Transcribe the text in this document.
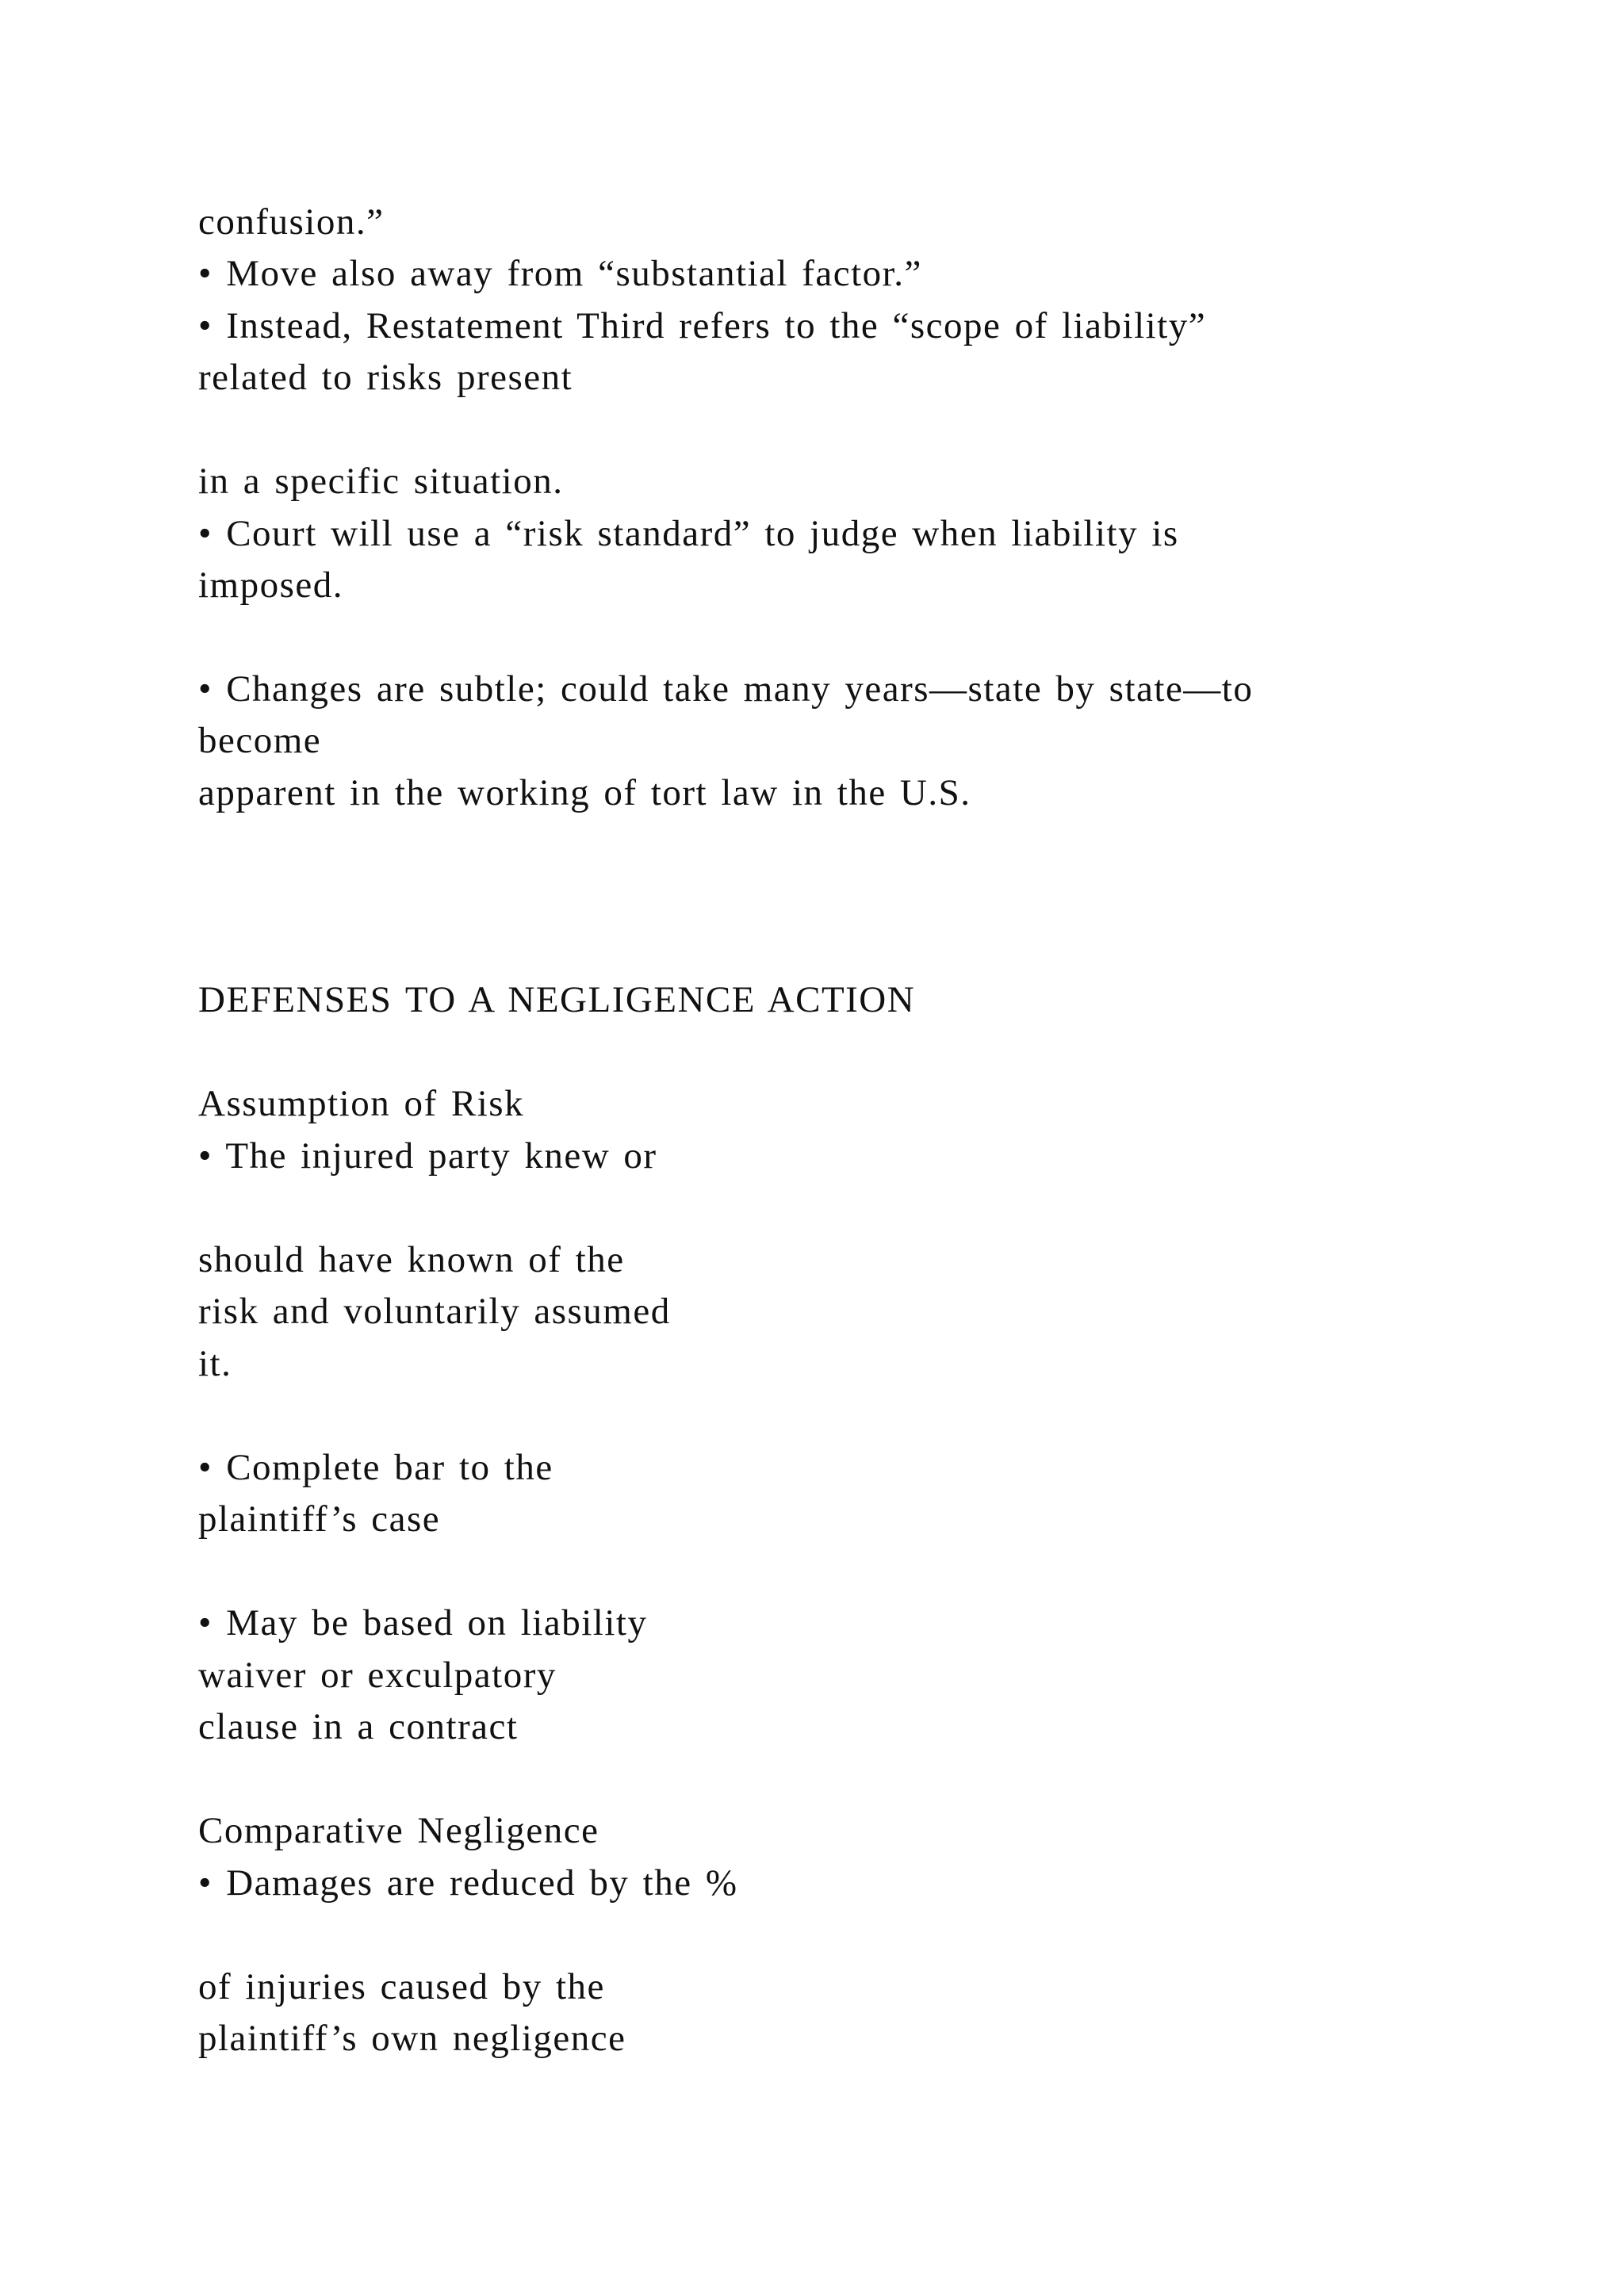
confusion.”
• Move also away from “substantial factor.”
• Instead, Restatement Third refers to the “scope of liability”
related to risks present
in a specific situation.
• Court will use a “risk standard” to judge when liability is
imposed.
• Changes are subtle; could take many years—state by state—to
become
apparent in the working of tort law in the U.S.
DEFENSES TO A NEGLIGENCE ACTION
Assumption of Risk
• The injured party knew or
should have known of the
risk and voluntarily assumed
it.
• Complete bar to the
plaintiff’s case
• May be based on liability
waiver or exculpatory
clause in a contract
Comparative Negligence
• Damages are reduced by the %
of injuries caused by the
plaintiff’s own negligence
